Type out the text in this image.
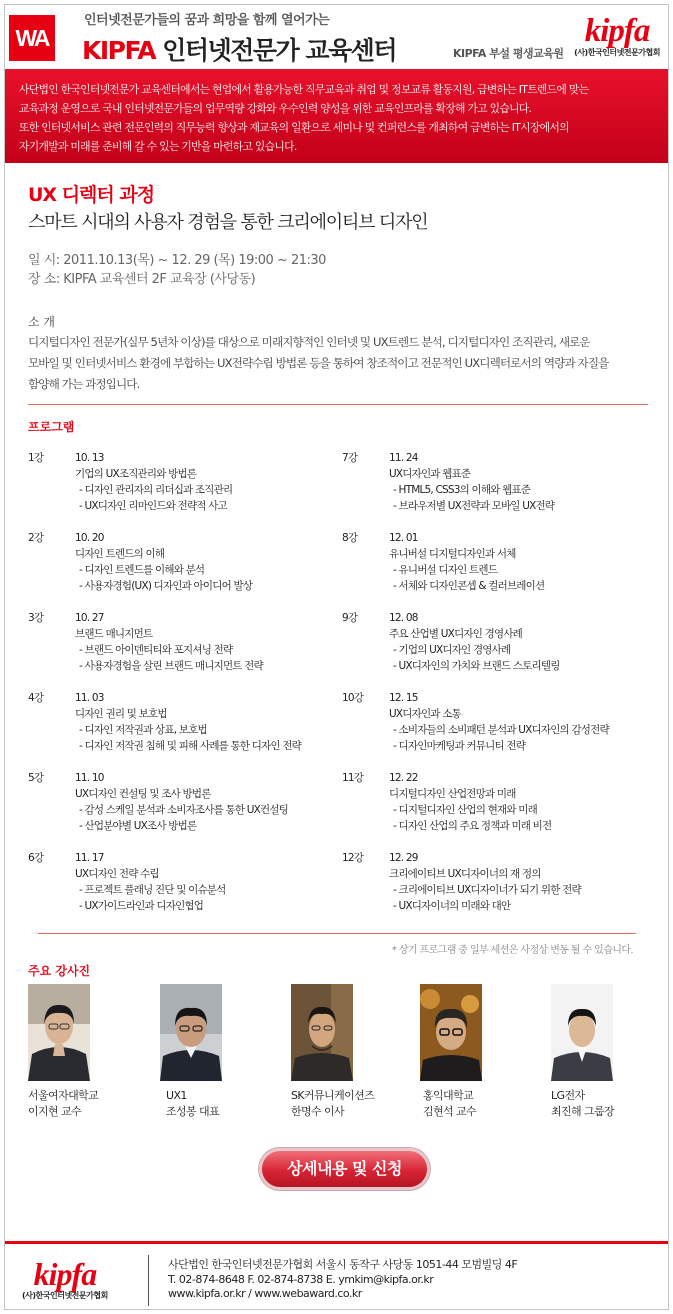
WA
인터넷전문가들의 꿈과 희망을 함께 열어가는
KIPFA 인터넷전문가 교육센터	KIPFA 부설 평생교육원
kipfa
(사)한국인터넷전문가협회
사단법인 한국인터넷전문가 교육센터에서는 현업에서 활용가능한 직무교육과 취업 및 정보교류 활동지원, 급변하는 IT트렌드에 맞는
교육과정 운영으로 국내 인터넷전문가들의 업무역량 강화와 우수인력 양성을 위한 교육인프라를 확장해 가고 있습니다.
또한 인터넷서비스 관련 전문인력의 직무능력 향상과 재교육의 일환으로 세미나 및 컨퍼런스를 개최하여 급변하는 IT시장에서의
자기개발과 미래를 준비해 갈 수 있는 기반을 마련하고 있습니다.
UX 디렉터 과정
스마트 시대의 사용자 경험을 통한 크리에이티브 디자인
일 시: 2011.10.13(목) ~ 12. 29 (목) 19:00 ~ 21:30
장 소: KIPFA 교육센터 2F 교육장 (사당동)
소 개
디지털디자인 전문가(실무 5년차 이상)를 대상으로 미래지향적인 인터넷 및 UX트렌드 분석, 디지털디자인 조직관리, 새로운
모바일 및 인터넷서비스 환경에 부합하는 UX전략수립 방법론 등을 통하여 창조적이고 전문적인 UX디렉터로서의 역량과 자질을
함양해 가는 과정입니다.
프로그램
1강	10. 13
기업의 UX조직관리와 방법론
- 디자인 관리자의 리더십과 조직관리
- UX디자인 리마인드와 전략적 사고
2강	10. 20
디자인 트렌드의 이해
- 디자인 트렌드를 이해와 분석
- 사용자경험(UX) 디자인과 아이디어 발상
3강	10. 27
브랜드 매니지먼트
- 브랜드 아이덴티티와 포지셔닝 전략
- 사용자경험을 살린 브랜드 매니지먼트 전략
4강	11. 03
디자인 권리 및 보호법
- 디자인 저작권과 상표, 보호법
- 디자인 저작권 침해 및 피해 사례를 통한 디자인 전략
5강	11. 10
UX디자인 컨설팅 및 조사 방법론
- 감성 스케일 분석과 소비자조사를 통한 UX컨설팅
- 산업분야별 UX조사 방법론
6강	11. 17
UX디자인 전략 수립
- 프로젝트 플래닝 진단 및 이슈분석
- UX가이드라인과 디자인협업
7강	11. 24
UX디자인과 웹표준
- HTML5, CSS3의 이해와 웹표준
- 브라우저별 UX전략과 모바일 UX전략
8강	12. 01
유니버설 디지털디자인과 서체
- 유니버설 디자인 트렌드
- 서체와 디자인콘셉 & 컬러브레이션
9강	12. 08
주요 산업별 UX디자인 경영사례
- 기업의 UX디자인 경영사례
- UX디자인의 가치와 브랜드 스토리텔링
10강 12. 15
UX디자인과 소통
- 소비자들의 소비패턴 분석과 UX디자인의 감성전략
- 디자인마케팅과 커뮤니티 전략
11강 12. 22
디지털디자인 산업전망과 미래
- 디지털디자인 산업의 현재와 미래
- 디자인 산업의 주요 정책과 미래 비전
12강 12. 29
크리에이티브 UX디자이너의 재 정의
- 크리에이티브 UX디자이너가 되기 위한 전략
- UX디자이너의 미래와 대안
* 상기 프로그램 중 일부 세션은 사정상 변동 될 수 있습니다.
주요 강사진
서울여자대학교
이지현 교수
UX1
조성봉 대표
SK커뮤니케이션즈
한명수 이사
홍익대학교
김현석 교수
LG전자
최진해 그룹장
상세내용 및 신청
kipfa
(사)한국인터넷전문가협회
사단법인 한국인터넷전문가협회 서울시 동작구 사당동 1051-44 모범빌딩 4F
T. 02-874-8648 F. 02-874-8738 E. ymkim@kipfa.or.kr
www.kipfa.or.kr / www.webaward.co.kr
